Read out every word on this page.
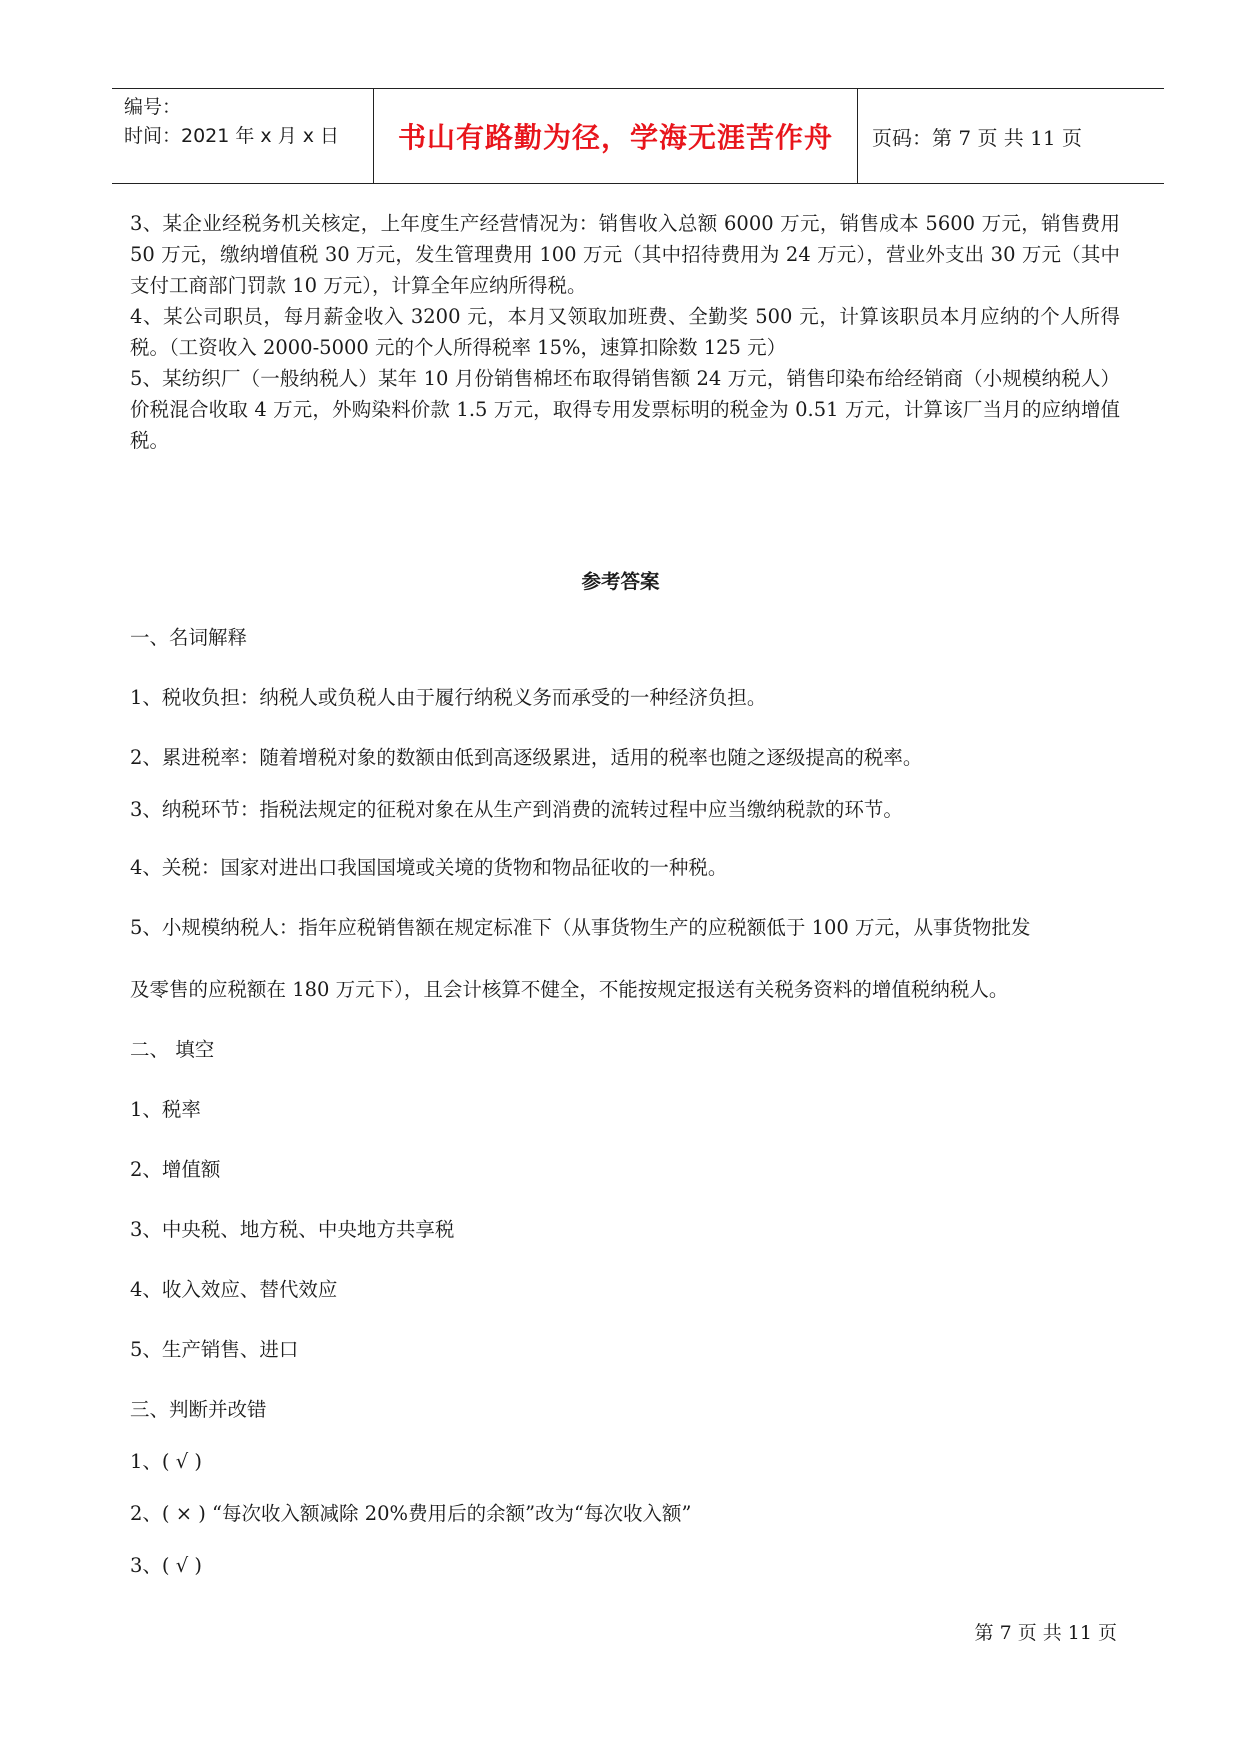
编号：
时间：2021 年 x 月 x 日	书山有路勤为径，学海无涯苦作舟	页码：第 7 页 共 11 页
3、某企业经税务机关核定，上年度生产经营情况为：销售收入总额 6000 万元，销售成本 5600 万元，销售费用 50 万元，缴纳增值税 30 万元，发生管理费用 100 万元（其中招待费用为 24 万元），营业外支出 30 万元（其中支付工商部门罚款 10 万元），计算全年应纳所得税。
4、某公司职员，每月薪金收入 3200 元，本月又领取加班费、全勤奖 500 元，计算该职员本月应纳的个人所得税。（工资收入 2000-5000 元的个人所得税率 15%，速算扣除数 125 元）
5、某纺织厂（一般纳税人）某年 10 月份销售棉坯布取得销售额 24 万元，销售印染布给经销商（小规模纳税人）价税混合收取 4 万元，外购染料价款 1.5 万元，取得专用发票标明的税金为 0.51 万元，计算该厂当月的应纳增值税。
参考答案
一、名词解释
1、税收负担：纳税人或负税人由于履行纳税义务而承受的一种经济负担。
2、累进税率：随着增税对象的数额由低到高逐级累进，适用的税率也随之逐级提高的税率。
3、纳税环节：指税法规定的征税对象在从生产到消费的流转过程中应当缴纳税款的环节。
4、关税：国家对进出口我国国境或关境的货物和物品征收的一种税。
5、小规模纳税人：指年应税销售额在规定标准下（从事货物生产的应税额低于 100 万元，从事货物批发
及零售的应税额在 180 万元下），且会计核算不健全，不能按规定报送有关税务资料的增值税纳税人。
二、 填空
1、税率
2、增值额
3、中央税、地方税、中央地方共享税
4、收入效应、替代效应
5、生产销售、进口
三、判断并改错
1、( √ )
2、( × ) “每次收入额减除 20%费用后的余额”改为“每次收入额”
3、( √ )
第 7 页 共 11 页
